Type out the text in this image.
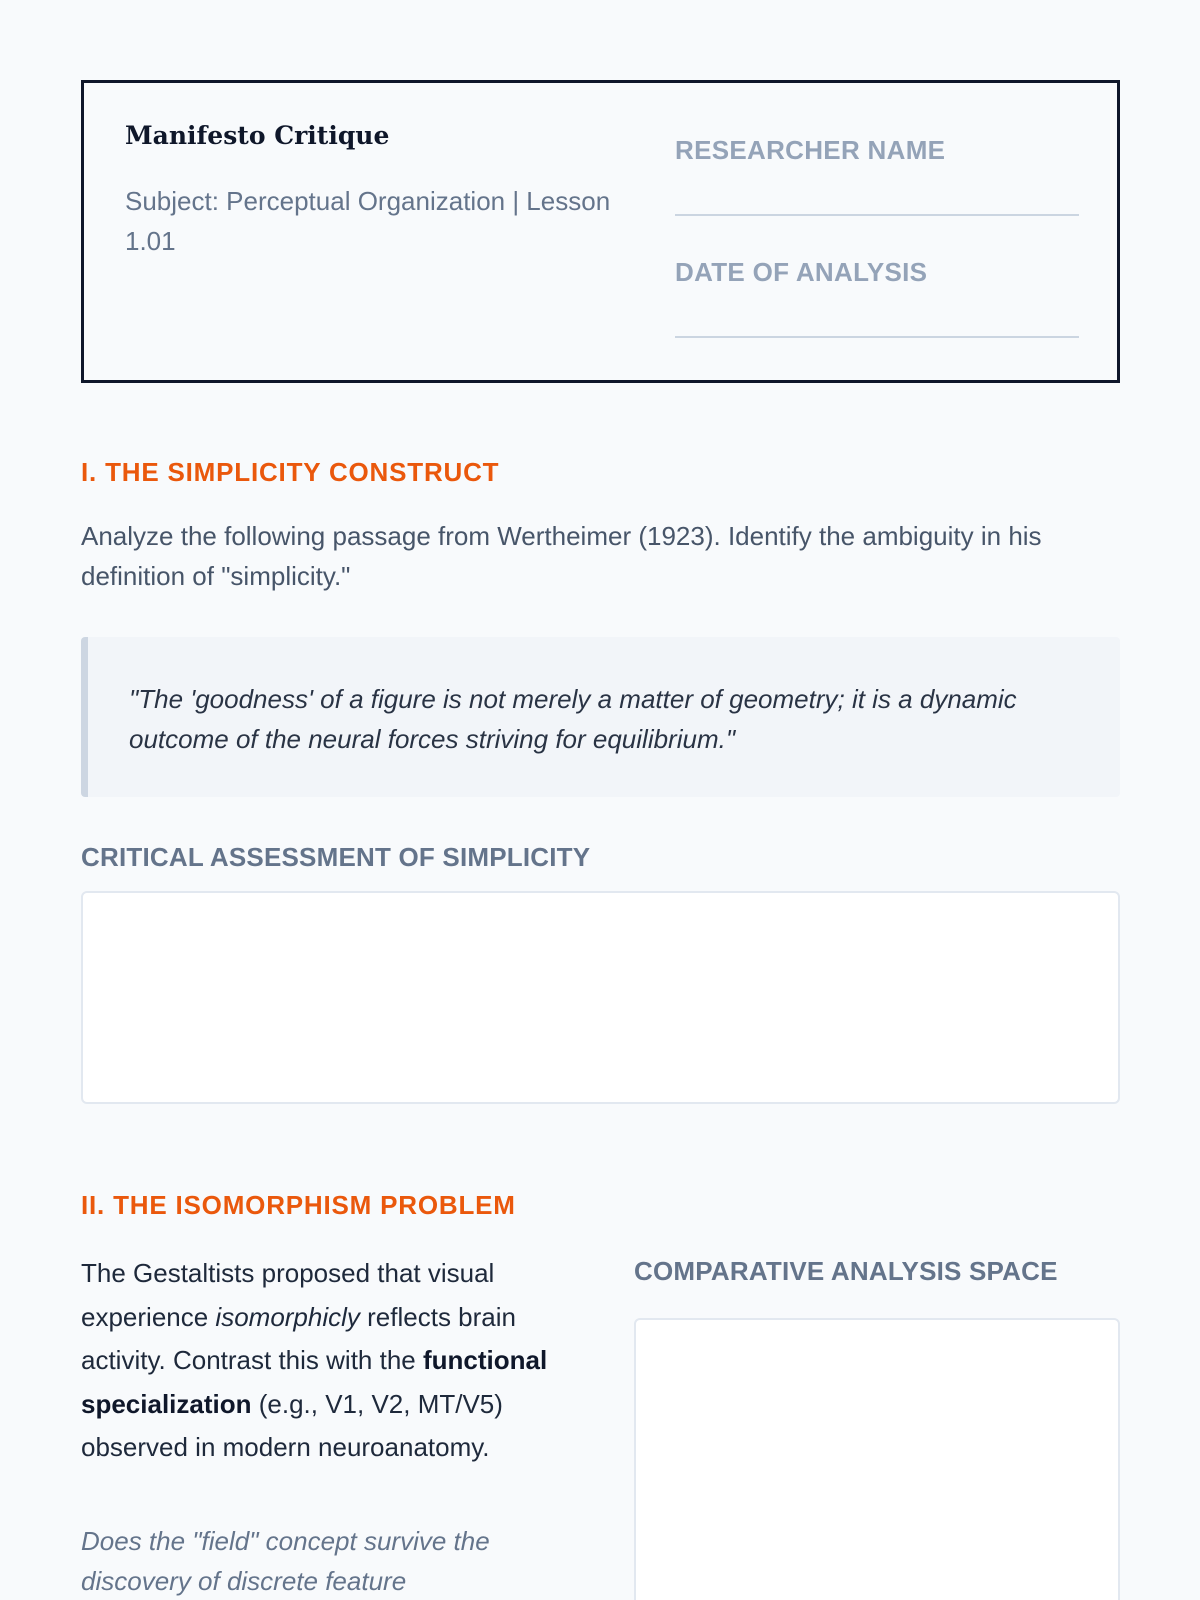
Manifesto Critique

Subject: Perceptual Organization | Lesson 1.01

RESEARCHER NAME
DATE OF ANALYSIS
I. THE SIMPLICITY CONSTRUCT

Analyze the following passage from Wertheimer (1923). Identify the ambiguity in his definition of "simplicity."

"The 'goodness' of a figure is not merely a matter of geometry; it is a dynamic outcome of the neural forces striving for equilibrium."
CRITICAL ASSESSMENT OF SIMPLICITY
II. THE ISOMORPHISM PROBLEM

The Gestaltists proposed that visual experience isomorphicly reflects brain activity. Contrast this with the functional specialization (e.g., V1, V2, MT/V5) observed in modern neuroanatomy.

Does the "field" concept survive the discovery of discrete feature

COMPARATIVE ANALYSIS SPACE
